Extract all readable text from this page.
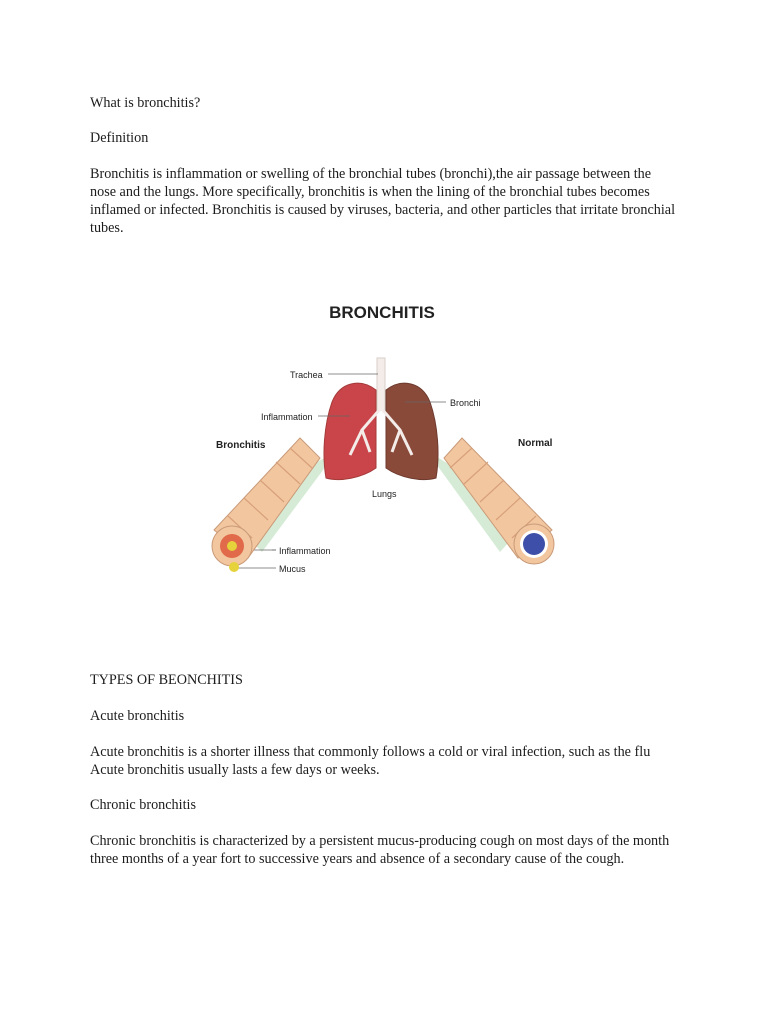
What is bronchitis?

Definition

Bronchitis is inflammation or swelling of the bronchial tubes (bronchi),the air passage between the nose and the lungs. More specifically, bronchitis is when the lining of the bronchial tubes becomes inflamed or infected. Bronchitis is caused by viruses, bacteria, and other particles that irritate bronchial tubes.

BRONCHITIS
Trachea
Inflammation
Bronchi
Bronchitis	Normal
Lungs
Inflammation
Mucus

TYPES OF BEONCHITIS

Acute bronchitis

Acute bronchitis is a shorter illness that commonly follows a cold or viral infection, such as the flu Acute bronchitis usually lasts a few days or weeks.

Chronic bronchitis

Chronic bronchitis is characterized by a persistent mucus-producing cough on most days of the month three months of a year fort to successive years and absence of a secondary cause of the cough.
